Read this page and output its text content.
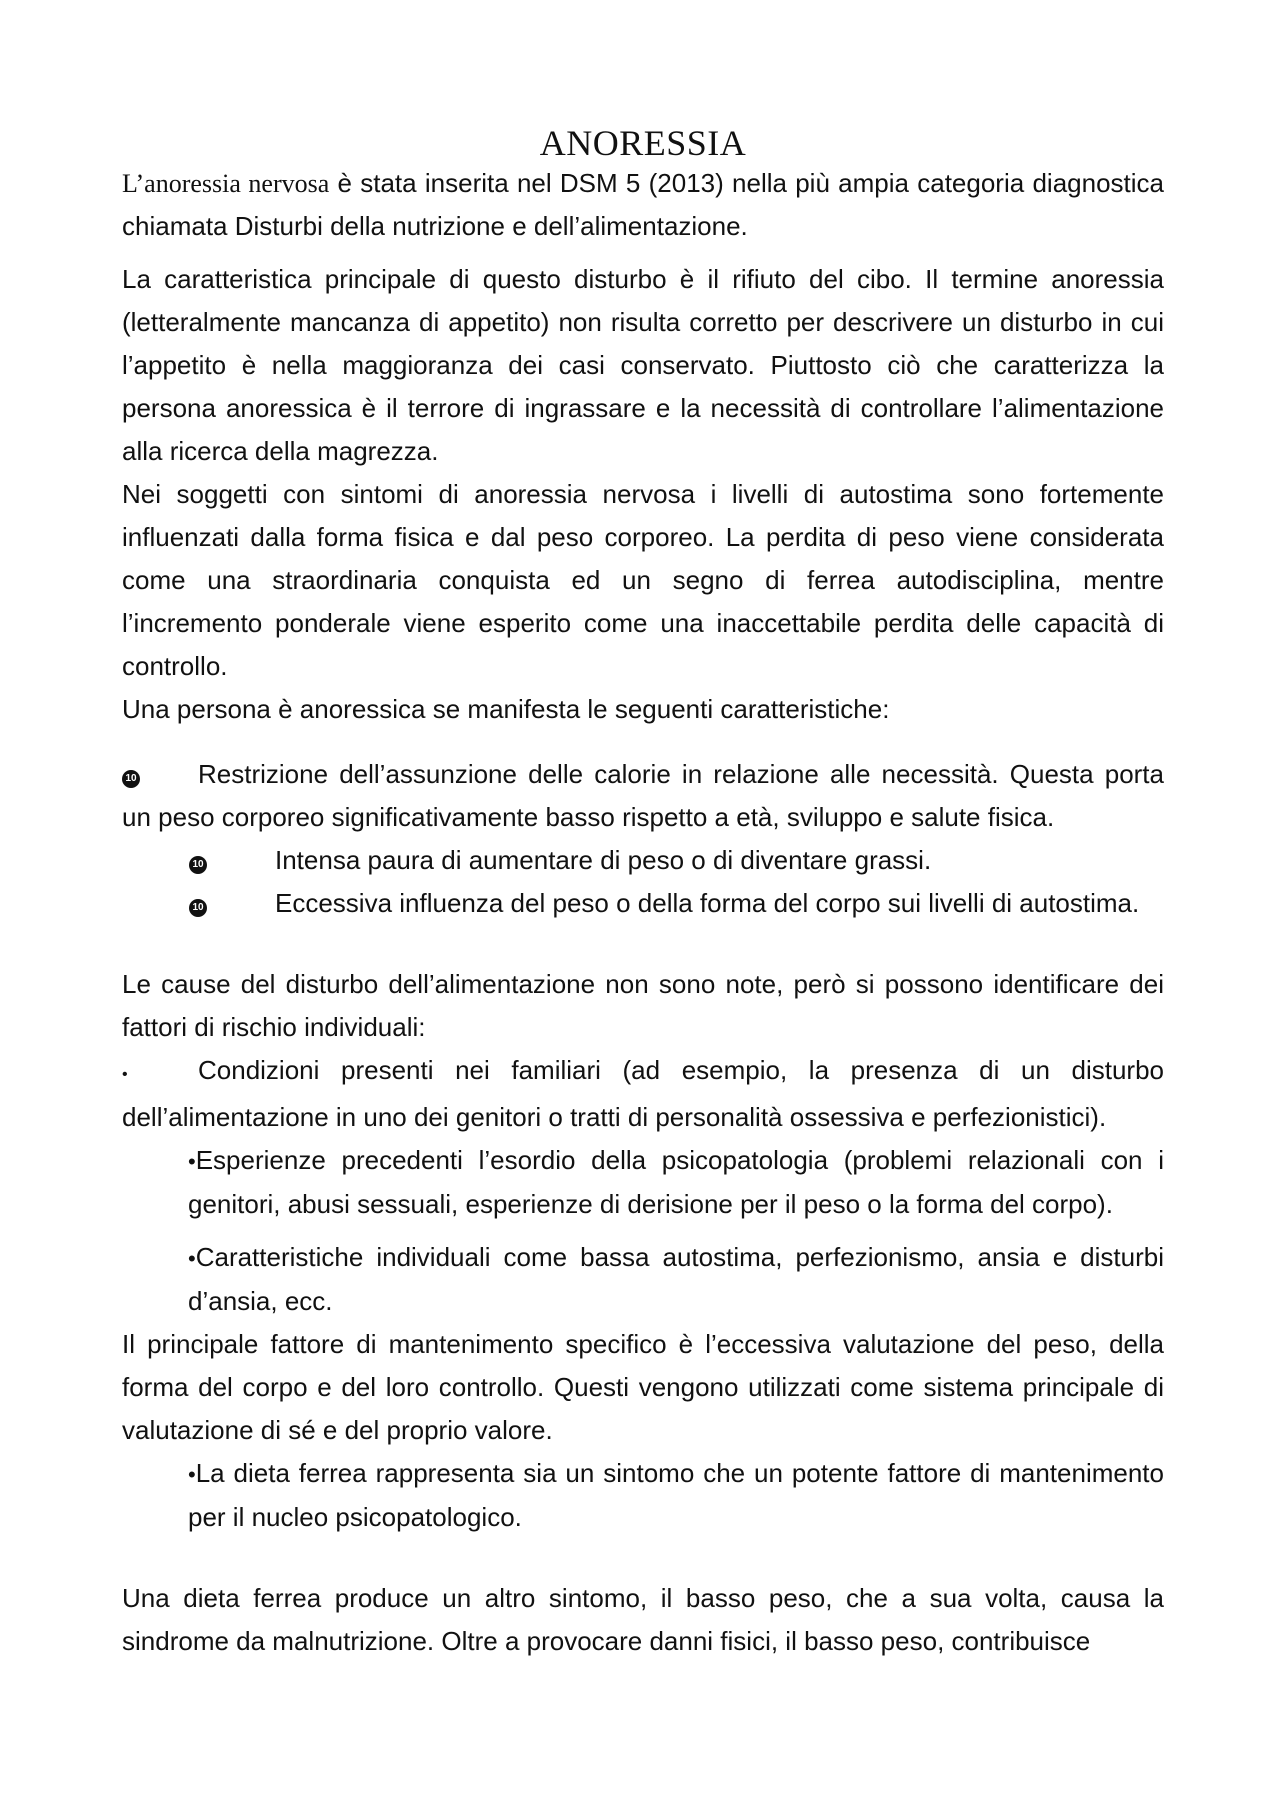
ANORESSIA

L’anoressia nervosa è stata inserita nel DSM 5 (2013) nella più ampia categoria diagnostica chiamata Disturbi della nutrizione e dell’alimentazione.

La caratteristica principale di questo disturbo è il rifiuto del cibo. Il termine anoressia (letteralmente mancanza di appetito) non risulta corretto per descrivere un disturbo in cui l’appetito è nella maggioranza dei casi conservato. Piuttosto ciò che caratterizza la persona anoressica è il terrore di ingrassare e la necessità di controllare l’alimentazione alla ricerca della magrezza.

Nei soggetti con sintomi di anoressia nervosa i livelli di autostima sono fortemente influenzati dalla forma fisica e dal peso corporeo. La perdita di peso viene considerata come una straordinaria conquista ed un segno di ferrea autodisciplina, mentre l’incremento ponderale viene esperito come una inaccettabile perdita delle capacità di controllo.

Una persona è anoressica se manifesta le seguenti caratteristiche:

10 Restrizione dell’assunzione delle calorie in relazione alle necessità. Questa porta un peso corporeo significativamente basso rispetto a età, sviluppo e salute fisica.

10	Intensa paura di aumentare di peso o di diventare grassi.
10	Eccessiva influenza del peso o della forma del corpo sui livelli di autostima.

Le cause del disturbo dell’alimentazione non sono note, però si possono identificare dei fattori di rischio individuali:

•	Condizioni presenti nei familiari (ad esempio, la presenza di un disturbo dell’alimentazione in uno dei genitori o tratti di personalità ossessiva e perfezionistici).

•Esperienze precedenti l’esordio della psicopatologia (problemi relazionali con i genitori, abusi sessuali, esperienze di derisione per il peso o la forma del corpo).

•Caratteristiche individuali come bassa autostima, perfezionismo, ansia e disturbi d’ansia, ecc.

Il principale fattore di mantenimento specifico è l’eccessiva valutazione del peso, della forma del corpo e del loro controllo. Questi vengono utilizzati come sistema principale di valutazione di sé e del proprio valore.

•La dieta ferrea rappresenta sia un sintomo che un potente fattore di mantenimento per il nucleo psicopatologico.

Una dieta ferrea produce un altro sintomo, il basso peso, che a sua volta, causa la sindrome da malnutrizione. Oltre a provocare danni fisici, il basso peso, contribuisce
